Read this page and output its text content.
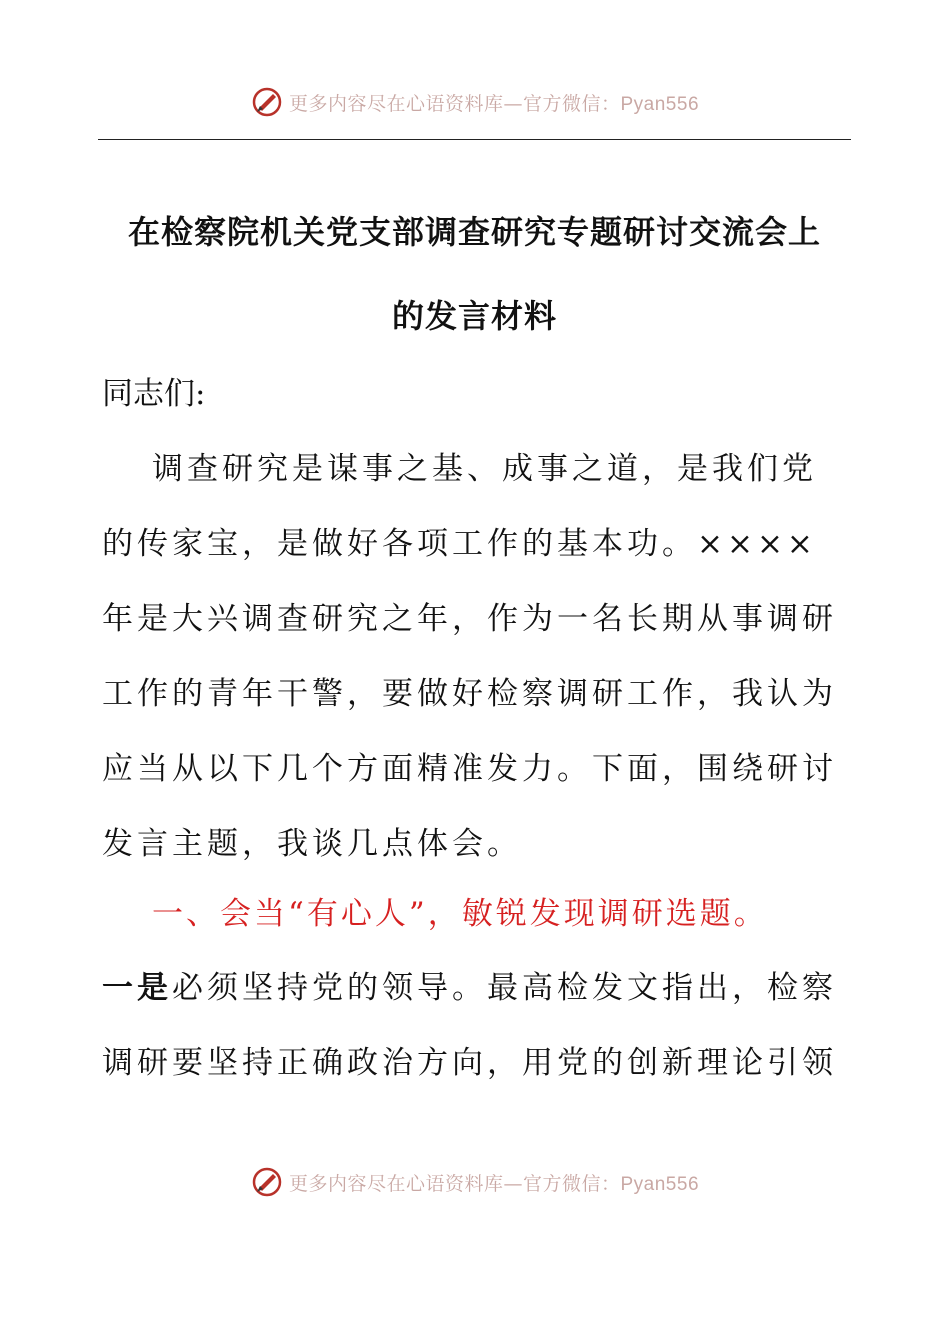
更多内容尽在心语资料库—官方微信：Pyan556
在检察院机关党支部调查研究专题研讨交流会上
的发言材料
同志们:
调查研究是谋事之基、成事之道，是我们党
的传家宝，是做好各项工作的基本功。××××
年是大兴调查研究之年，作为一名长期从事调研
工作的青年干警，要做好检察调研工作，我认为
应当从以下几个方面精准发力。下面，围绕研讨
发言主题，我谈几点体会。
一、会当“有心人”，敏锐发现调研选题。
一是必须坚持党的领导。最高检发文指出，检察
调研要坚持正确政治方向，用党的创新理论引领
更多内容尽在心语资料库—官方微信：Pyan556
